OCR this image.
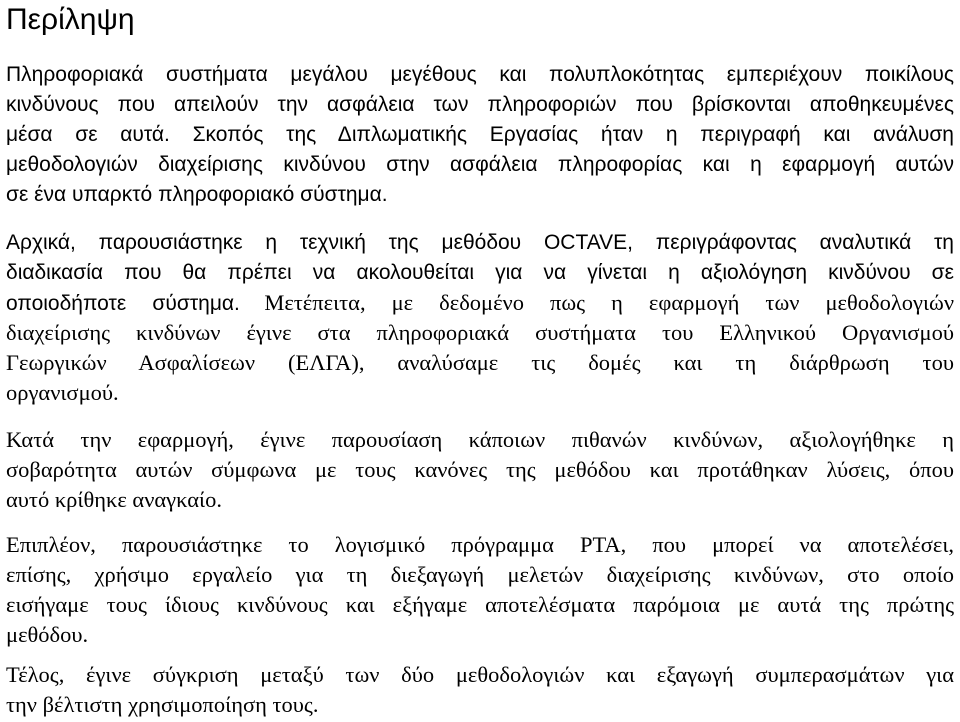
Περίληψη
Πληροφοριακά συστήματα μεγάλου μεγέθους και πολυπλοκότητας εμπεριέχουν ποικίλους
κινδύνους που απειλούν την ασφάλεια των πληροφοριών που βρίσκονται αποθηκευμένες
μέσα σε αυτά. Σκοπός της Διπλωματικής Εργασίας ήταν η περιγραφή και ανάλυση
μεθοδολογιών διαχείρισης κινδύνου στην ασφάλεια πληροφορίας και η εφαρμογή αυτών
σε ένα υπαρκτό πληροφοριακό σύστημα.
Αρχικά, παρουσιάστηκε η τεχνική της μεθόδου OCTAVE, περιγράφοντας αναλυτικά τη
διαδικασία που θα πρέπει να ακολουθείται για να γίνεται η αξιολόγηση κινδύνου σε
οποιοδήποτε σύστημα. Μετέπειτα, με δεδομένο πως η εφαρμογή των μεθοδολογιών
διαχείρισης κινδύνων έγινε στα πληροφοριακά συστήματα του Ελληνικού Οργανισμού
Γεωργικών Ασφαλίσεων (ΕΛΓΑ), αναλύσαμε τις δομές και τη διάρθρωση του
οργανισμού.
Κατά την εφαρμογή, έγινε παρουσίαση κάποιων πιθανών κινδύνων, αξιολογήθηκε η
σοβαρότητα αυτών σύμφωνα με τους κανόνες της μεθόδου και προτάθηκαν λύσεις, όπου
αυτό κρίθηκε αναγκαίο.
Επιπλέον, παρουσιάστηκε το λογισμικό πρόγραμμα PTA, που μπορεί να αποτελέσει,
επίσης, χρήσιμο εργαλείο για τη διεξαγωγή μελετών διαχείρισης κινδύνων, στο οποίο
εισήγαμε τους ίδιους κινδύνους και εξήγαμε αποτελέσματα παρόμοια με αυτά της πρώτης
μεθόδου.
Τέλος, έγινε σύγκριση μεταξύ των δύο μεθοδολογιών και εξαγωγή συμπερασμάτων για
την βέλτιστη χρησιμοποίηση τους.
